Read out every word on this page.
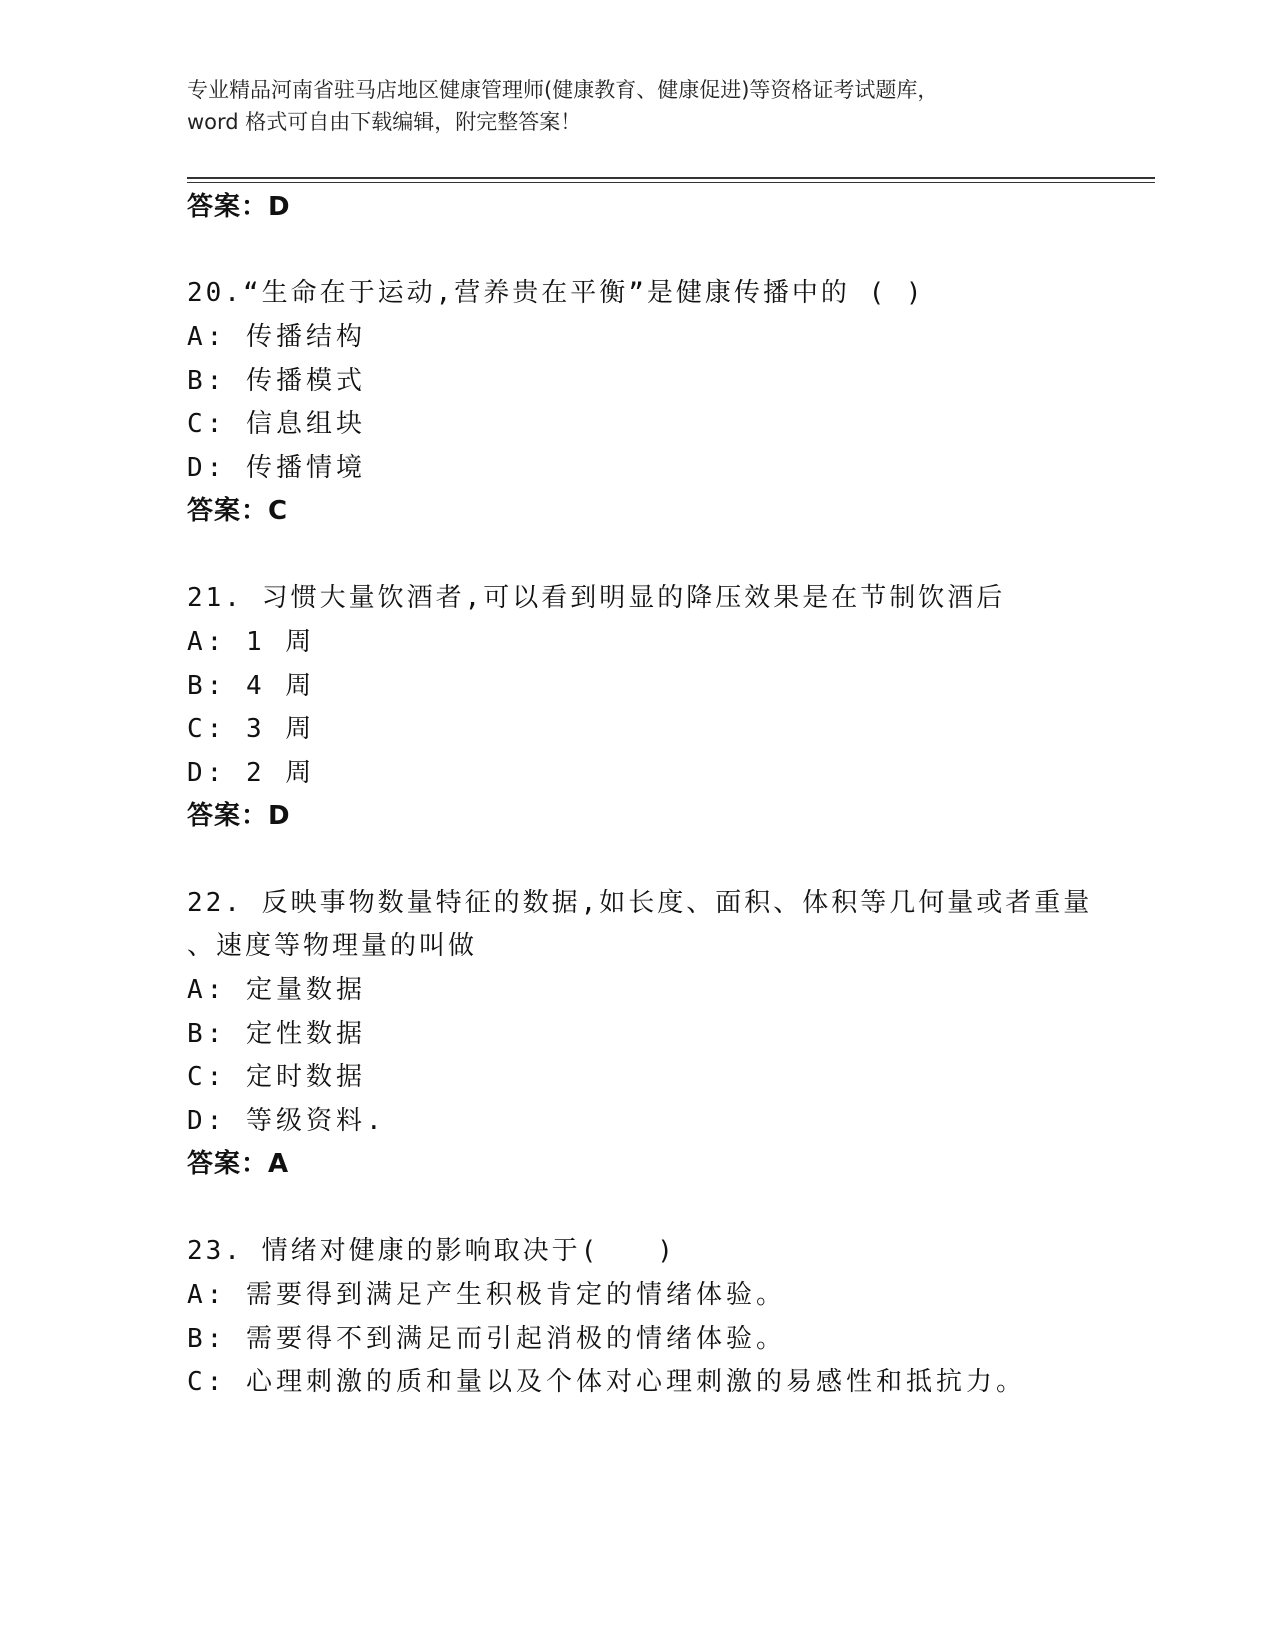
专业精品河南省驻马店地区健康管理师(健康教育、健康促进)等资格证考试题库，
word 格式可自由下载编辑，附完整答案！
答案：D
20.“生命在于运动,营养贵在平衡”是健康传播中的 ( )
A: 传播结构
B: 传播模式
C: 信息组块
D: 传播情境
答案：C
21. 习惯大量饮酒者,可以看到明显的降压效果是在节制饮酒后
A: 1 周
B: 4 周
C: 3 周
D: 2 周
答案：D
22. 反映事物数量特征的数据,如长度、面积、体积等几何量或者重量
、速度等物理量的叫做
A: 定量数据
B: 定性数据
C: 定时数据
D: 等级资料.
答案：A
23. 情绪对健康的影响取决于(　　)
A: 需要得到满足产生积极肯定的情绪体验。
B: 需要得不到满足而引起消极的情绪体验。
C: 心理刺激的质和量以及个体对心理刺激的易感性和抵抗力。
